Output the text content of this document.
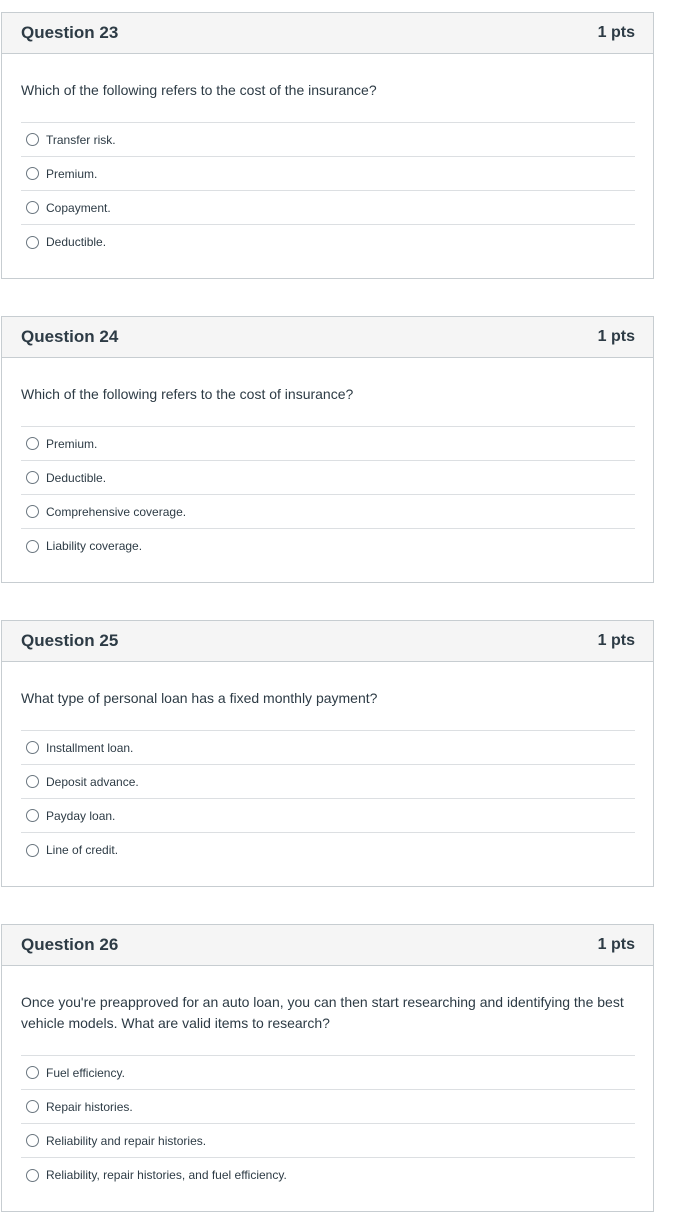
Question 23	1 pts
Which of the following refers to the cost of the insurance?
Transfer risk.
Premium.
Copayment.
Deductible.
Question 24	1 pts
Which of the following refers to the cost of insurance?
Premium.
Deductible.
Comprehensive coverage.
Liability coverage.
Question 25	1 pts
What type of personal loan has a fixed monthly payment?
Installment loan.
Deposit advance.
Payday loan.
Line of credit.
Question 26	1 pts
Once you're preapproved for an auto loan, you can then start researching and identifying the best vehicle models. What are valid items to research?
Fuel efficiency.
Repair histories.
Reliability and repair histories.
Reliability, repair histories, and fuel efficiency.
